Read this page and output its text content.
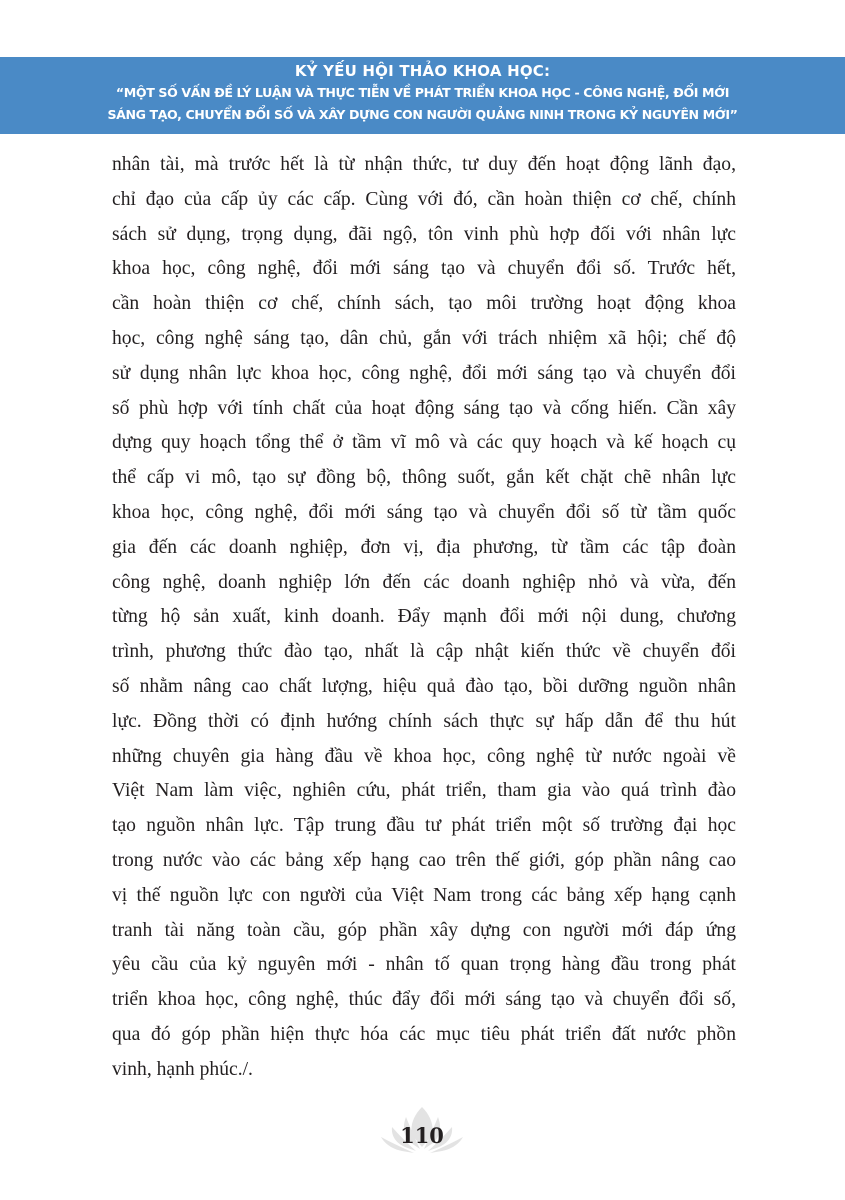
KỶ YẾU HỘI THẢO KHOA HỌC:
“MỘT SỐ VẤN ĐỀ LÝ LUẬN VÀ THỰC TIỄN VỀ PHÁT TRIỂN KHOA HỌC - CÔNG NGHỆ, ĐỔI MỚI
SÁNG TẠO, CHUYỂN ĐỔI SỐ VÀ XÂY DỰNG CON NGƯỜI QUẢNG NINH TRONG KỶ NGUYÊN MỚI”
nhân tài, mà trước hết là từ nhận thức, tư duy đến hoạt động lãnh đạo,
chỉ đạo của cấp ủy các cấp. Cùng với đó, cần hoàn thiện cơ chế, chính
sách sử dụng, trọng dụng, đãi ngộ, tôn vinh phù hợp đối với nhân lực
khoa học, công nghệ, đổi mới sáng tạo và chuyển đổi số. Trước hết,
cần hoàn thiện cơ chế, chính sách, tạo môi trường hoạt động khoa
học, công nghệ sáng tạo, dân chủ, gắn với trách nhiệm xã hội; chế độ
sử dụng nhân lực khoa học, công nghệ, đổi mới sáng tạo và chuyển đổi
số phù hợp với tính chất của hoạt động sáng tạo và cống hiến. Cần xây
dựng quy hoạch tổng thể ở tầm vĩ mô và các quy hoạch và kế hoạch cụ
thể cấp vi mô, tạo sự đồng bộ, thông suốt, gắn kết chặt chẽ nhân lực
khoa học, công nghệ, đổi mới sáng tạo và chuyển đổi số từ tầm quốc
gia đến các doanh nghiệp, đơn vị, địa phương, từ tầm các tập đoàn
công nghệ, doanh nghiệp lớn đến các doanh nghiệp nhỏ và vừa, đến
từng hộ sản xuất, kinh doanh. Đẩy mạnh đổi mới nội dung, chương
trình, phương thức đào tạo, nhất là cập nhật kiến thức về chuyển đổi
số nhằm nâng cao chất lượng, hiệu quả đào tạo, bồi dưỡng nguồn nhân
lực. Đồng thời có định hướng chính sách thực sự hấp dẫn để thu hút
những chuyên gia hàng đầu về khoa học, công nghệ từ nước ngoài về
Việt Nam làm việc, nghiên cứu, phát triển, tham gia vào quá trình đào
tạo nguồn nhân lực. Tập trung đầu tư phát triển một số trường đại học
trong nước vào các bảng xếp hạng cao trên thế giới, góp phần nâng cao
vị thế nguồn lực con người của Việt Nam trong các bảng xếp hạng cạnh
tranh tài năng toàn cầu, góp phần xây dựng con người mới đáp ứng
yêu cầu của kỷ nguyên mới - nhân tố quan trọng hàng đầu trong phát
triển khoa học, công nghệ, thúc đẩy đổi mới sáng tạo và chuyển đổi số,
qua đó góp phần hiện thực hóa các mục tiêu phát triển đất nước phồn
vinh, hạnh phúc./.
110
